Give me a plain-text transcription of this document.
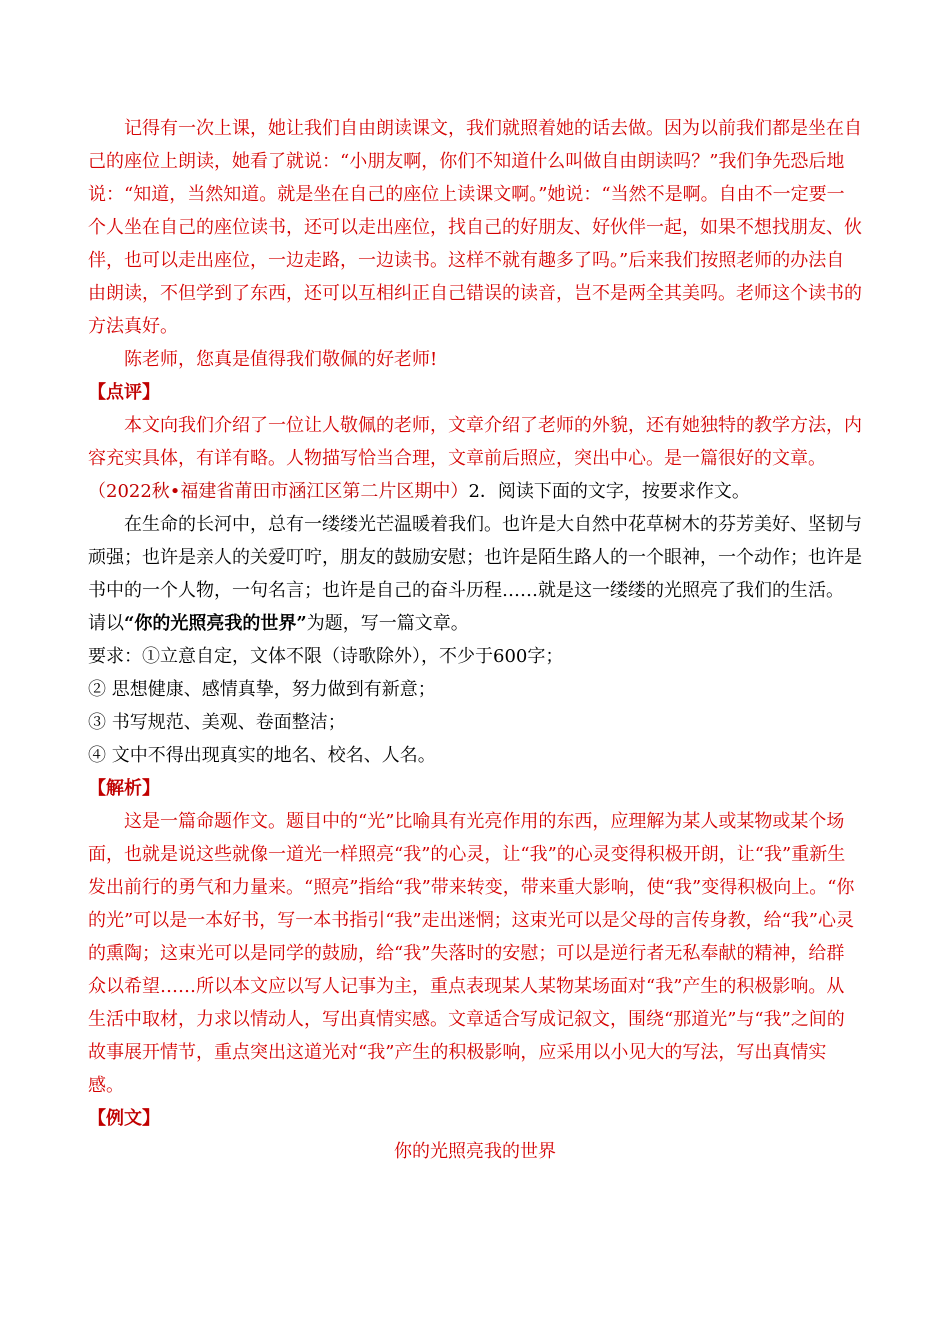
记得有一次上课，她让我们自由朗读课文，我们就照着她的话去做。因为以前我们都是坐在自己的座位上朗读，她看了就说：“小朋友啊，你们不知道什么叫做自由朗读吗？”我们争先恐后地说：“知道，当然知道。就是坐在自己的座位上读课文啊。”她说：“当然不是啊。自由不一定要一个人坐在自己的座位读书，还可以走出座位，找自己的好朋友、好伙伴一起，如果不想找朋友、伙伴，也可以走出座位，一边走路，一边读书。这样不就有趣多了吗。”后来我们按照老师的办法自由朗读，不但学到了东西，还可以互相纠正自己错误的读音，岂不是两全其美吗。老师这个读书的方法真好。

陈老师，您真是值得我们敬佩的好老师!

【点评】

本文向我们介绍了一位让人敬佩的老师，文章介绍了老师的外貌，还有她独特的教学方法，内容充实具体，有详有略。人物描写恰当合理，文章前后照应，突出中心。是一篇很好的文章。

（2022秋•福建省莆田市涵江区第二片区期中）2．阅读下面的文字，按要求作文。

在生命的长河中，总有一缕缕光芒温暖着我们。也许是大自然中花草树木的芬芳美好、坚韧与顽强；也许是亲人的关爱叮咛，朋友的鼓励安慰；也许是陌生路人的一个眼神，一个动作；也许是书中的一个人物，一句名言；也许是自己的奋斗历程……就是这一缕缕的光照亮了我们的生活。

请以“你的光照亮我的世界”为题，写一篇文章。

要求：①立意自定，文体不限（诗歌除外），不少于600字；

② 思想健康、感情真挚，努力做到有新意；

③ 书写规范、美观、卷面整洁；

④ 文中不得出现真实的地名、校名、人名。

【解析】

这是一篇命题作文。题目中的“光”比喻具有光亮作用的东西，应理解为某人或某物或某个场面，也就是说这些就像一道光一样照亮“我”的心灵，让“我”的心灵变得积极开朗，让“我”重新生发出前行的勇气和力量来。“照亮”指给“我”带来转变，带来重大影响，使“我”变得积极向上。“你的光”可以是一本好书，写一本书指引“我”走出迷惘；这束光可以是父母的言传身教，给“我”心灵的熏陶；这束光可以是同学的鼓励，给“我”失落时的安慰；可以是逆行者无私奉献的精神，给群众以希望……所以本文应以写人记事为主，重点表现某人某物某场面对“我”产生的积极影响。从生活中取材，力求以情动人，写出真情实感。文章适合写成记叙文，围绕“那道光”与“我”之间的故事展开情节，重点突出这道光对“我”产生的积极影响，应采用以小见大的写法，写出真情实感。

【例文】

你的光照亮我的世界
